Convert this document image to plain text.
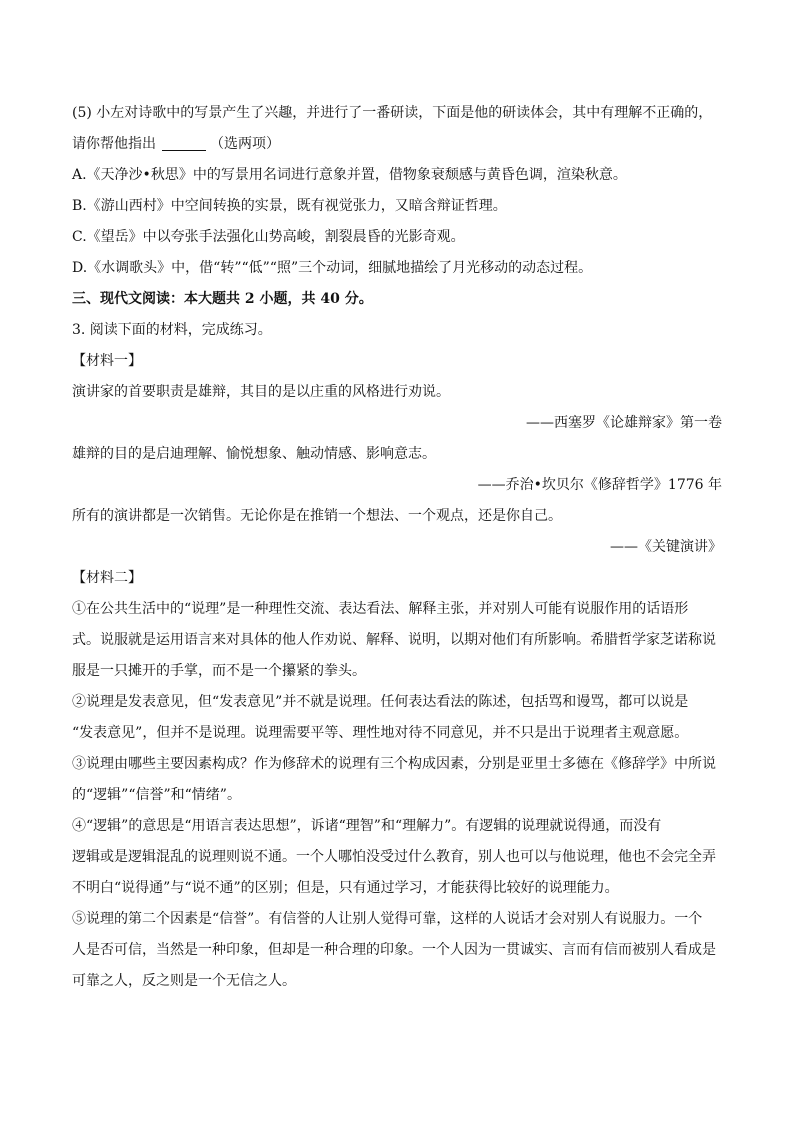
(5) 小左对诗歌中的写景产生了兴趣，并进行了一番研读，下面是他的研读体会，其中有理解不正确的，
请你帮他指出	（选两项）
A.《天净沙•秋思》中的写景用名词进行意象并置，借物象衰颓感与黄昏色调，渲染秋意。
B.《游山西村》中空间转换的实景，既有视觉张力，又暗含辩证哲理。
C.《望岳》中以夸张手法强化山势高峻，割裂晨昏的光影奇观。
D.《水调歌头》中，借“转”“低”“照”三个动词，细腻地描绘了月光移动的动态过程。
三、现代文阅读：本大题共 2 小题，共 40 分。
3. 阅读下面的材料，完成练习。
【材料一】
演讲家的首要职责是雄辩，其目的是以庄重的风格进行劝说。
——西塞罗《论雄辩家》第一卷
雄辩的目的是启迪理解、愉悦想象、触动情感、影响意志。
——乔治•坎贝尔《修辞哲学》1776 年
所有的演讲都是一次销售。无论你是在推销一个想法、一个观点，还是你自己。
——《关键演讲》
【材料二】
①在公共生活中的“说理”是一种理性交流、表达看法、解释主张，并对别人可能有说服作用的话语形
式。说服就是运用语言来对具体的他人作劝说、解释、说明，以期对他们有所影响。希腊哲学家芝诺称说
服是一只摊开的手掌，而不是一个攥紧的拳头。
②说理是发表意见，但“发表意见”并不就是说理。任何表达看法的陈述，包括骂和谩骂，都可以说是
“发表意见”，但并不是说理。说理需要平等、理性地对待不同意见，并不只是出于说理者主观意愿。
③说理由哪些主要因素构成？作为修辞术的说理有三个构成因素，分别是亚里士多德在《修辞学》中所说
的“逻辑”“信誉”和“情绪”。
④“逻辑”的意思是“用语言表达思想”，诉诸“理智”和“理解力”。有逻辑的说理就说得通，而没有
逻辑或是逻辑混乱的说理则说不通。一个人哪怕没受过什么教育，别人也可以与他说理，他也不会完全弄
不明白“说得通”与“说不通”的区别；但是，只有通过学习，才能获得比较好的说理能力。
⑤说理的第二个因素是“信誉”。有信誉的人让别人觉得可靠，这样的人说话才会对别人有说服力。一个
人是否可信，当然是一种印象，但却是一种合理的印象。一个人因为一贯诚实、言而有信而被别人看成是
可靠之人，反之则是一个无信之人。
